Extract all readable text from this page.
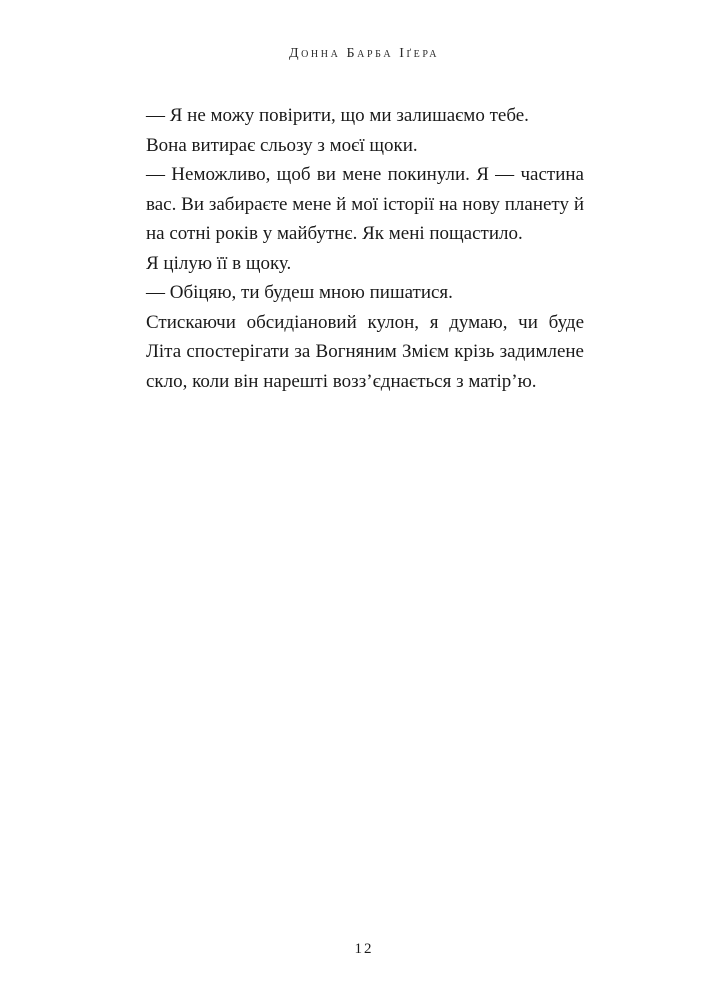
Донна Барба Іґера

— Я не можу повірити, що ми залишаємо тебе.

Вона витирає сльозу з моєї щоки.

— Неможливо, щоб ви мене покинули. Я — частина вас. Ви забираєте мене й мої історії на нову планету й на сотні років у майбутнє. Як мені пощастило.

Я цілую її в щоку.

— Обіцяю, ти будеш мною пишатися.

Стискаючи обсидіановий кулон, я думаю, чи буде Літа спостерігати за Вогняним Змієм крізь задимлене скло, коли він нарешті возз’єднається з матір’ю.

12
